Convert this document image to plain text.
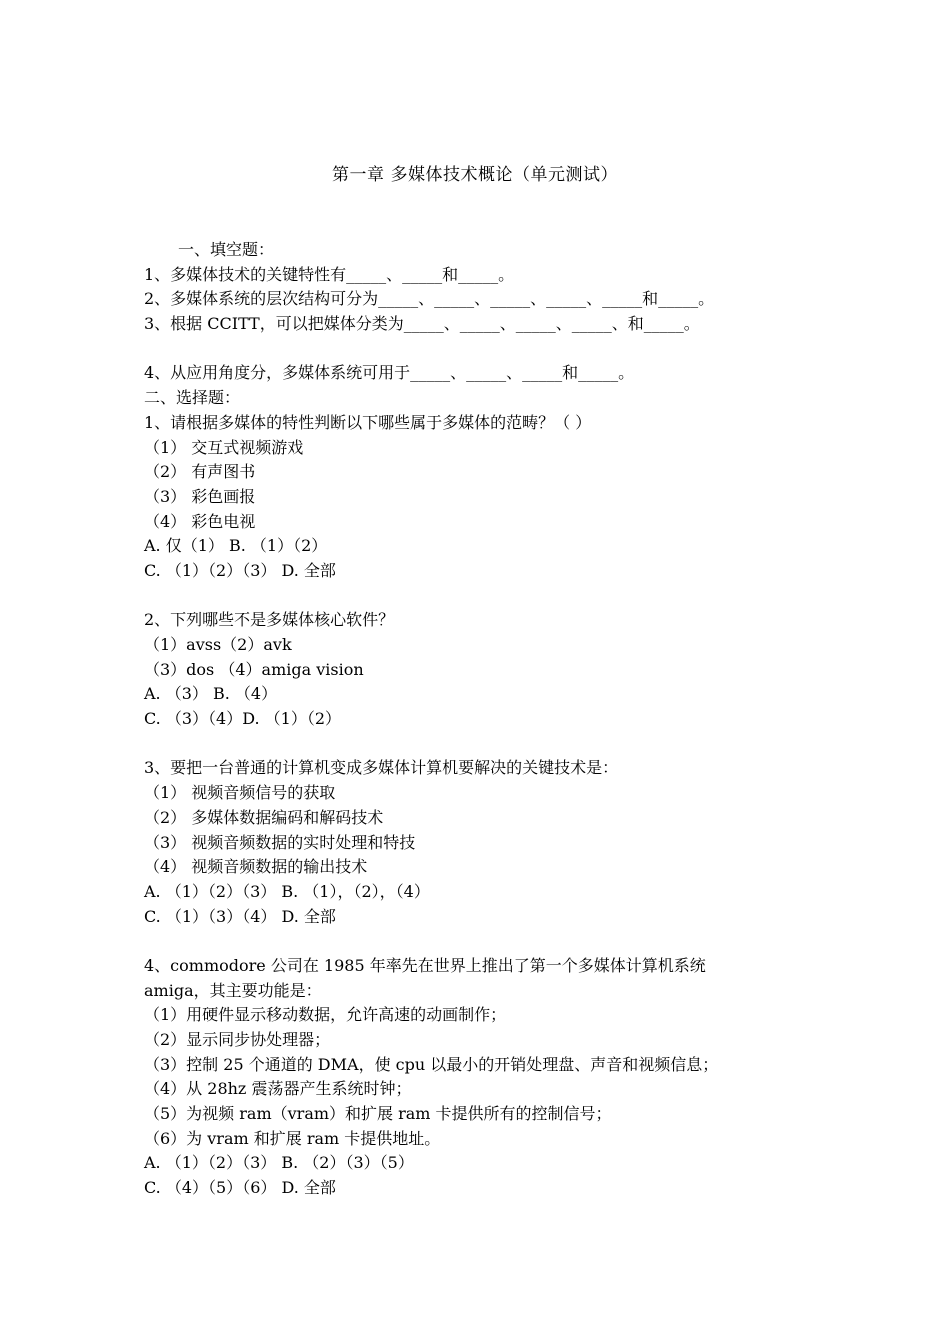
第一章 多媒体技术概论（单元测试）
一、填空题：
1、多媒体技术的关键特性有_____、_____和_____。
2、多媒体系统的层次结构可分为_____、_____、_____、_____、_____和_____。
3、根据 CCITT，可以把媒体分类为_____、_____、_____、_____、和_____。
4、从应用角度分，多媒体系统可用于_____、_____、_____和_____。
二、选择题：
1、请根据多媒体的特性判断以下哪些属于多媒体的范畴？（ ）
（1） 交互式视频游戏
（2） 有声图书
（3） 彩色画报
（4） 彩色电视
A. 仅（1） B. （1）（2）
C. （1）（2）（3） D. 全部
2、下列哪些不是多媒体核心软件？
（1）avss（2）avk
（3）dos （4）amiga vision
A. （3） B. （4）
C. （3）（4）D. （1）（2）
3、要把一台普通的计算机变成多媒体计算机要解决的关键技术是：
（1） 视频音频信号的获取
（2） 多媒体数据编码和解码技术
（3） 视频音频数据的实时处理和特技
（4） 视频音频数据的输出技术
A. （1）（2）（3） B. （1），（2），（4）
C. （1）（3）（4） D. 全部
4、commodore 公司在 1985 年率先在世界上推出了第一个多媒体计算机系统
amiga，其主要功能是：
（1）用硬件显示移动数据，允许高速的动画制作；
（2）显示同步协处理器；
（3）控制 25 个通道的 DMA，使 cpu 以最小的开销处理盘、声音和视频信息；
（4）从 28hz 震荡器产生系统时钟；
（5）为视频 ram（vram）和扩展 ram 卡提供所有的控制信号；
（6）为 vram 和扩展 ram 卡提供地址。
A. （1）（2）（3） B. （2）（3）（5）
C. （4）（5）（6） D. 全部
